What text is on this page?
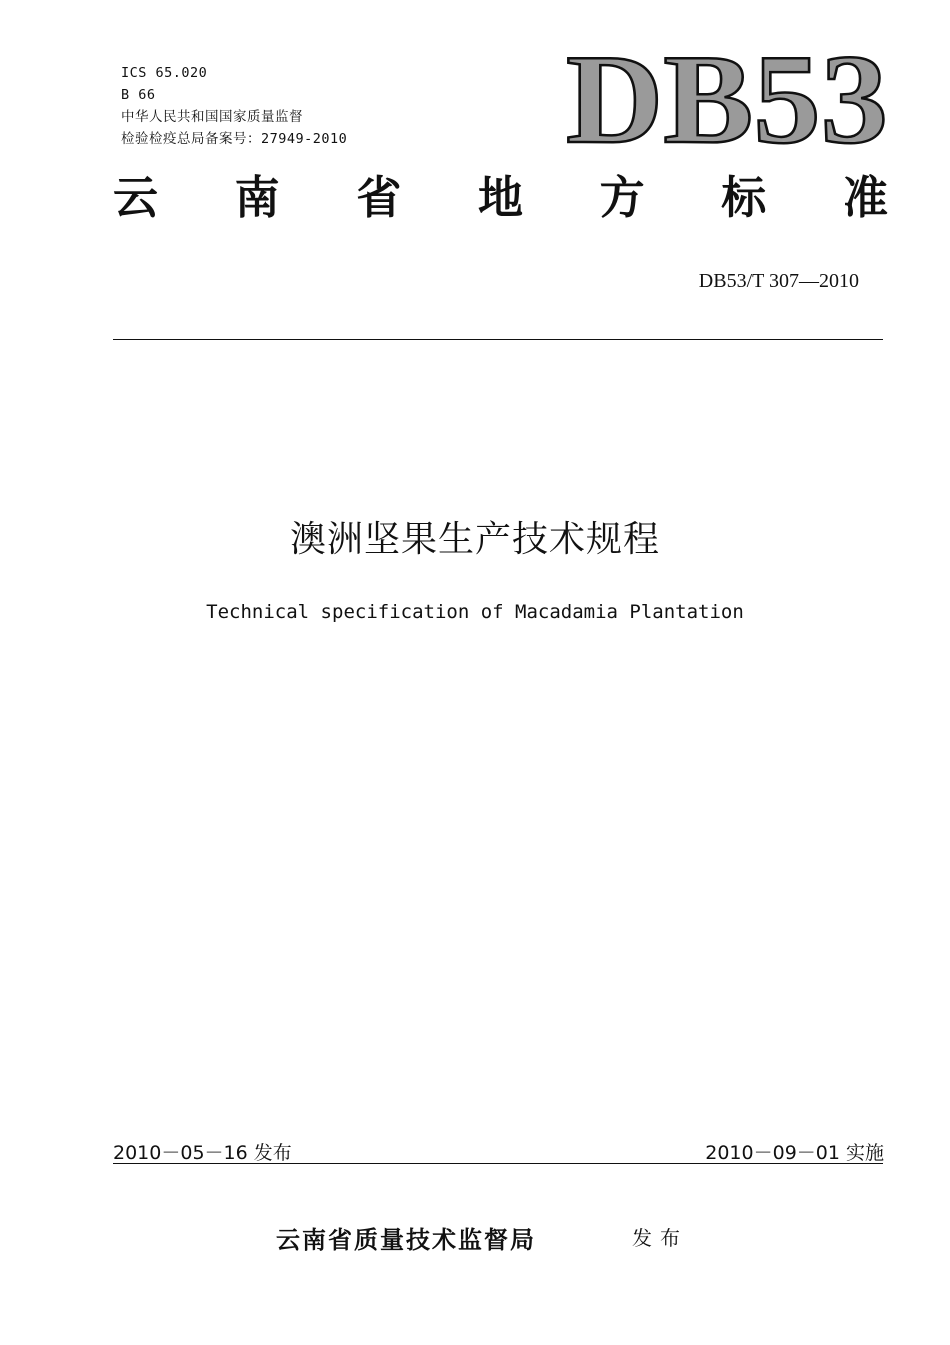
ICS 65.020
B 66
中华人民共和国国家质量监督
检验检疫总局备案号：27949-2010 DB53
云 南 省 地 方 标 准
DB53/T 307—2010
澳洲坚果生产技术规程
Technical specification of Macadamia Plantation
2010－05－16 发布	2010－09－01 实施
云南省质量技术监督局	发布
